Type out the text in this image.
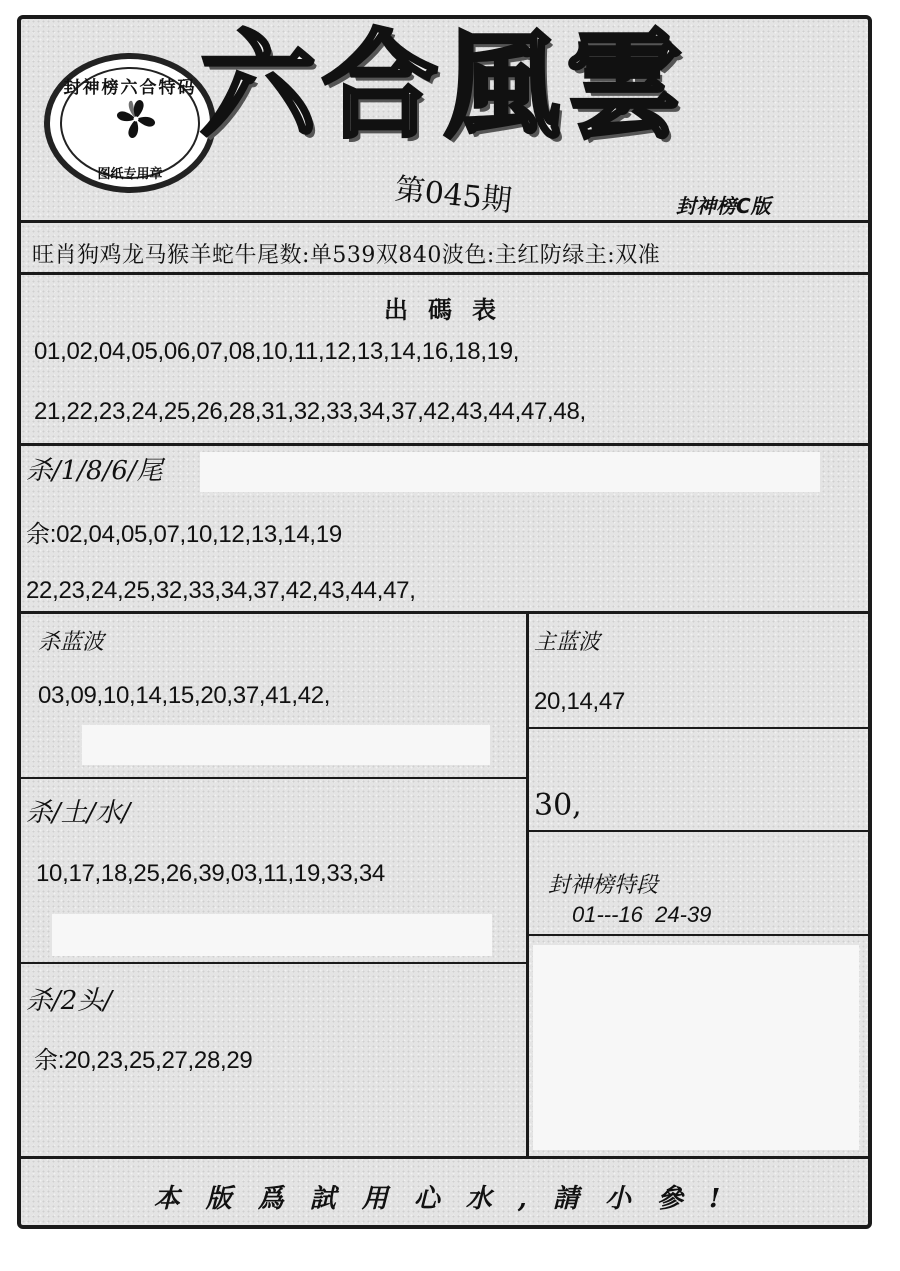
封神榜六合特码
图纸专用章
六合風雲
第045期	封神榜C版
旺肖狗鸡龙马猴羊蛇牛尾数:单539双840波色:主红防绿主:双准
出碼表
01,02,04,05,06,07,08,10,11,12,13,14,16,18,19,
21,22,23,24,25,26,28,31,32,33,34,37,42,43,44,47,48,
杀/1/8/6/尾
余:02,04,05,07,10,12,13,14,19
22,23,24,25,32,33,34,37,42,43,44,47,
杀蓝波
03,09,10,14,15,20,37,41,42,
杀/土/水/
10,17,18,25,26,39,03,11,19,33,34
杀/2头/
余:20,23,25,27,28,29
主蓝波
20,14,47
30,
封神榜特段
01---16  24-39
本版爲試用心水,請小參!
